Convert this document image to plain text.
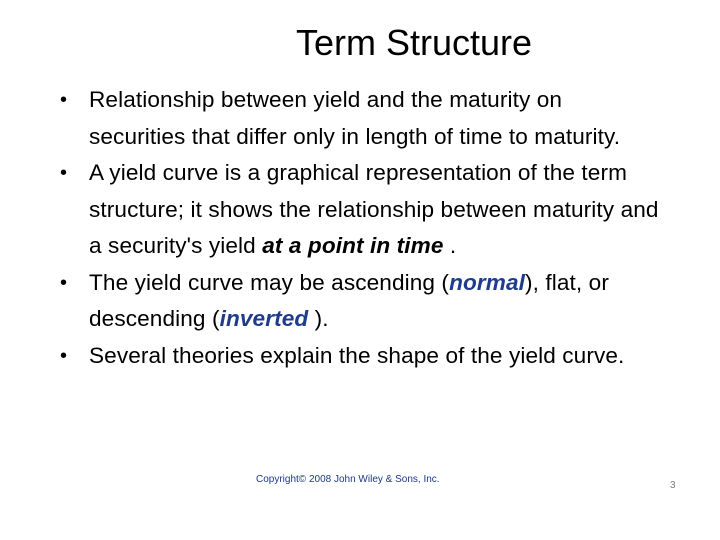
Term Structure
• Relationship between yield and the maturity on securities that differ only in length of time to maturity.
• A yield curve is a graphical representation of the term structure; it shows the relationship between maturity and a security's yield at a point in time .
• The yield curve may be ascending (normal), flat, or descending (inverted ).
• Several theories explain the shape of the yield curve.
Copyright© 2008 John Wiley & Sons, Inc.
3
